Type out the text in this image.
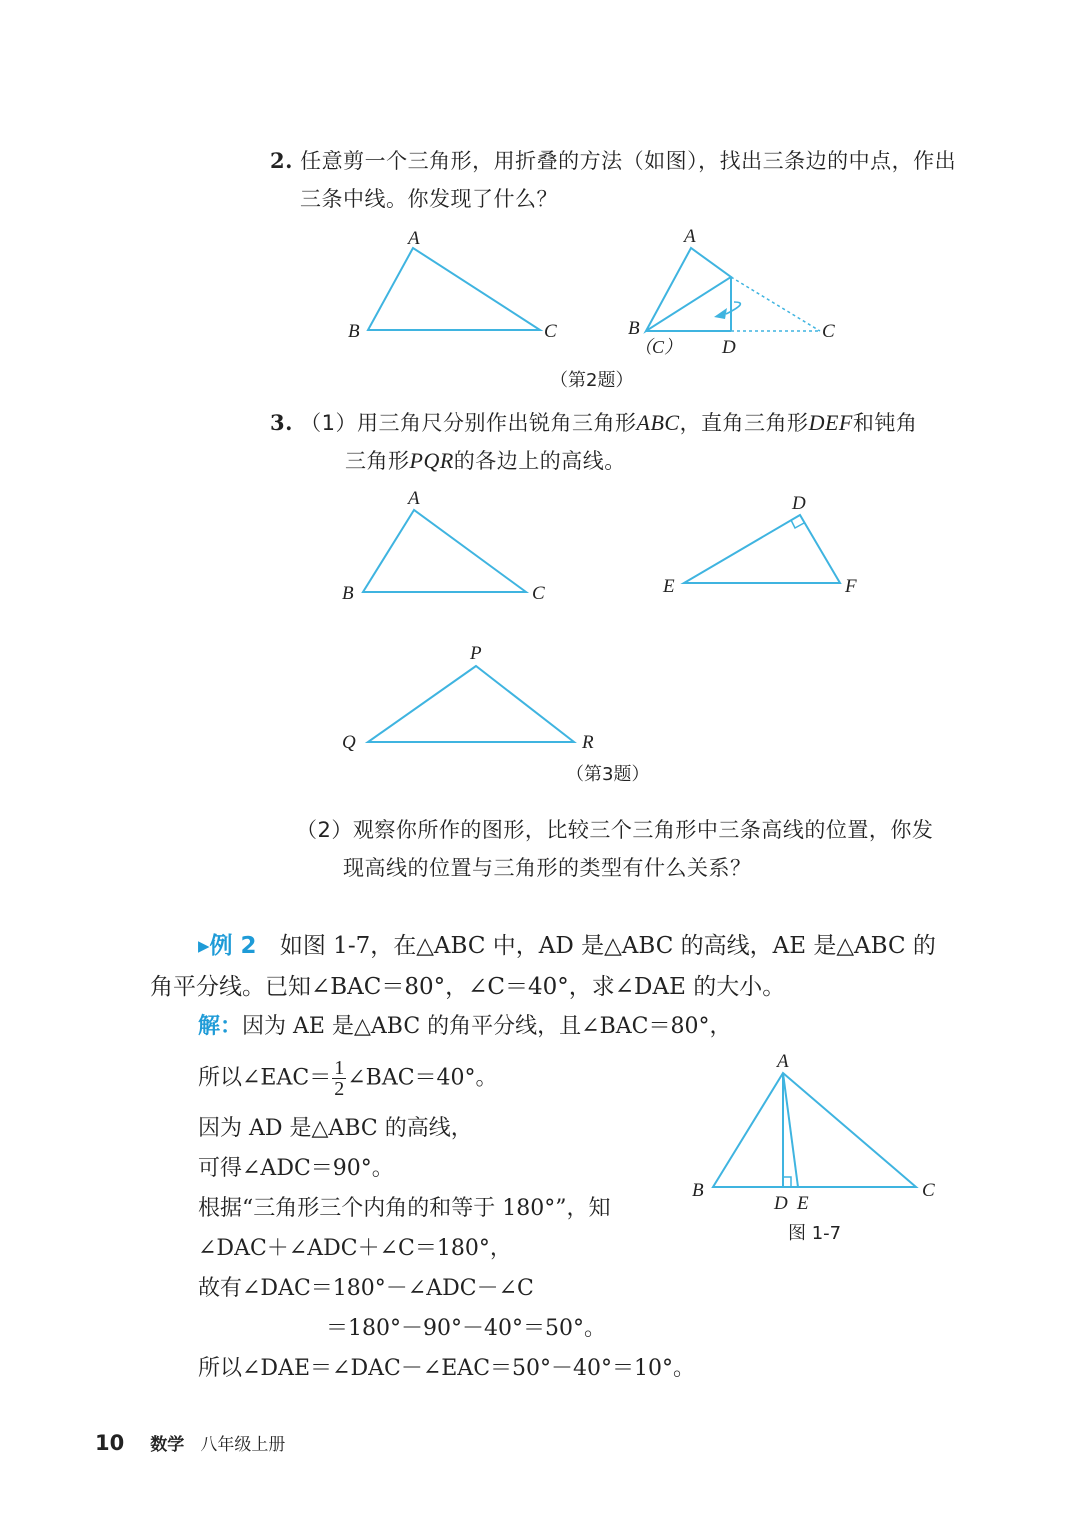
2. 任意剪一个三角形，用折叠的方法（如图），找出三条边的中点，作出
三条中线。你发现了什么？
A
B	C
A
B
（C） D
C
（第2题）
3. （1）用三角尺分别作出锐角三角形ABC，直角三角形DEF和钝角
三角形PQR的各边上的高线。
A
B	C
D
E	F
P
Q	R
（第3题）
（2）观察你所作的图形，比较三个三角形中三条高线的位置，你发
现高线的位置与三角形的类型有什么关系？
▸例 2 如图 1-7，在△ABC 中，AD 是△ABC 的高线，AE 是△ABC 的
角平分线。已知∠BAC＝80°，∠C＝40°，求∠DAE 的大小。
解：因为 AE 是△ABC 的角平分线，且∠BAC＝80°，
所以∠EAC＝ $\frac{1}{2}$ ∠BAC＝40°。
因为 AD 是△ABC 的高线，
可得∠ADC＝90°。
根据“三角形三个内角的和等于 180°”，知
∠DAC＋∠ADC＋∠C＝180°，
故有∠DAC＝180°－∠ADC－∠C
＝180°－90°－40°＝50°。
所以∠DAE＝∠DAC－∠EAC＝50°－40°＝10°。
A
B	C
D E
图 1-7
10 数学 八年级上册
